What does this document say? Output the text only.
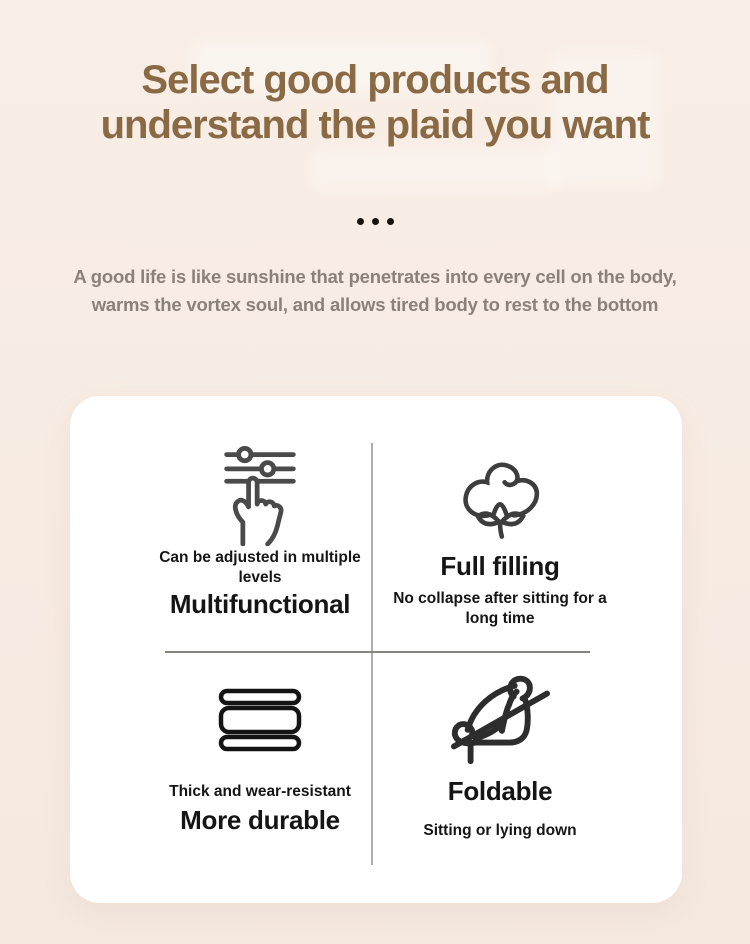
Select good products and
understand the plaid you want

A good life is like sunshine that penetrates into every cell on the body,
warms the vortex soul, and allows tired body to rest to the bottom

Can be adjusted in multiple
levels

Multifunctional
Full filling

No collapse after sitting for a
long time

Thick and wear-resistant

More durable
Foldable

Sitting or lying down
